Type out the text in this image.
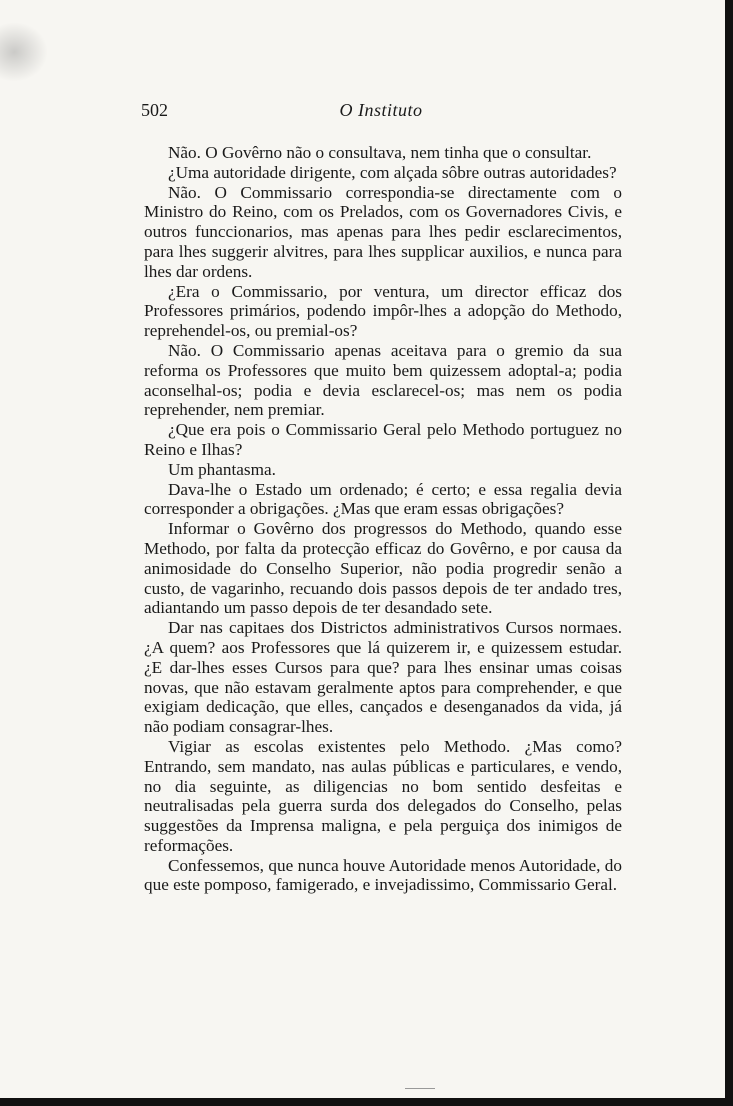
502	O Instituto

Não. O Govêrno não o consultava, nem tinha que o consultar.

¿Uma autoridade dirigente, com alçada sôbre outras autoridades?

Não. O Commissario correspondia-se directamente com o Ministro do Reino, com os Prelados, com os Governadores Civis, e outros funccionarios, mas apenas para lhes pedir esclarecimentos, para lhes suggerir alvitres, para lhes supplicar auxilios, e nunca para lhes dar ordens.

¿Era o Commissario, por ventura, um director efficaz dos Professores primários, podendo impôr-lhes a adopção do Methodo, reprehendel-os, ou premial-os?

Não. O Commissario apenas aceitava para o gremio da sua reforma os Professores que muito bem quizessem adoptal-a; podia aconselhal-os; podia e devia esclarecel-os; mas nem os podia reprehender, nem premiar.

¿Que era pois o Commissario Geral pelo Methodo portuguez no Reino e Ilhas?

Um phantasma.

Dava-lhe o Estado um ordenado; é certo; e essa regalia devia corresponder a obrigações. ¿Mas que eram essas obrigações?

Informar o Govêrno dos progressos do Methodo, quando esse Methodo, por falta da protecção efficaz do Govêrno, e por causa da animosidade do Conselho Superior, não podia progredir senão a custo, de vagarinho, recuando dois passos depois de ter andado tres, adiantando um passo depois de ter desandado sete.

Dar nas capitaes dos Districtos administrativos Cursos normaes. ¿A quem? aos Professores que lá quizerem ir, e quizessem estudar. ¿E dar-lhes esses Cursos para que? para lhes ensinar umas coisas novas, que não estavam geralmente aptos para comprehender, e que exigiam dedicação, que elles, cançados e desenganados da vida, já não podiam consagrar-lhes.

Vigiar as escolas existentes pelo Methodo. ¿Mas como? Entrando, sem mandato, nas aulas públicas e particulares, e vendo, no dia seguinte, as diligencias no bom sentido desfeitas e neutralisadas pela guerra surda dos delegados do Conselho, pelas suggestões da Imprensa maligna, e pela perguiça dos inimigos de reformações.

Confessemos, que nunca houve Autoridade menos Autoridade, do que este pomposo, famigerado, e invejadissimo, Commissario Geral.
